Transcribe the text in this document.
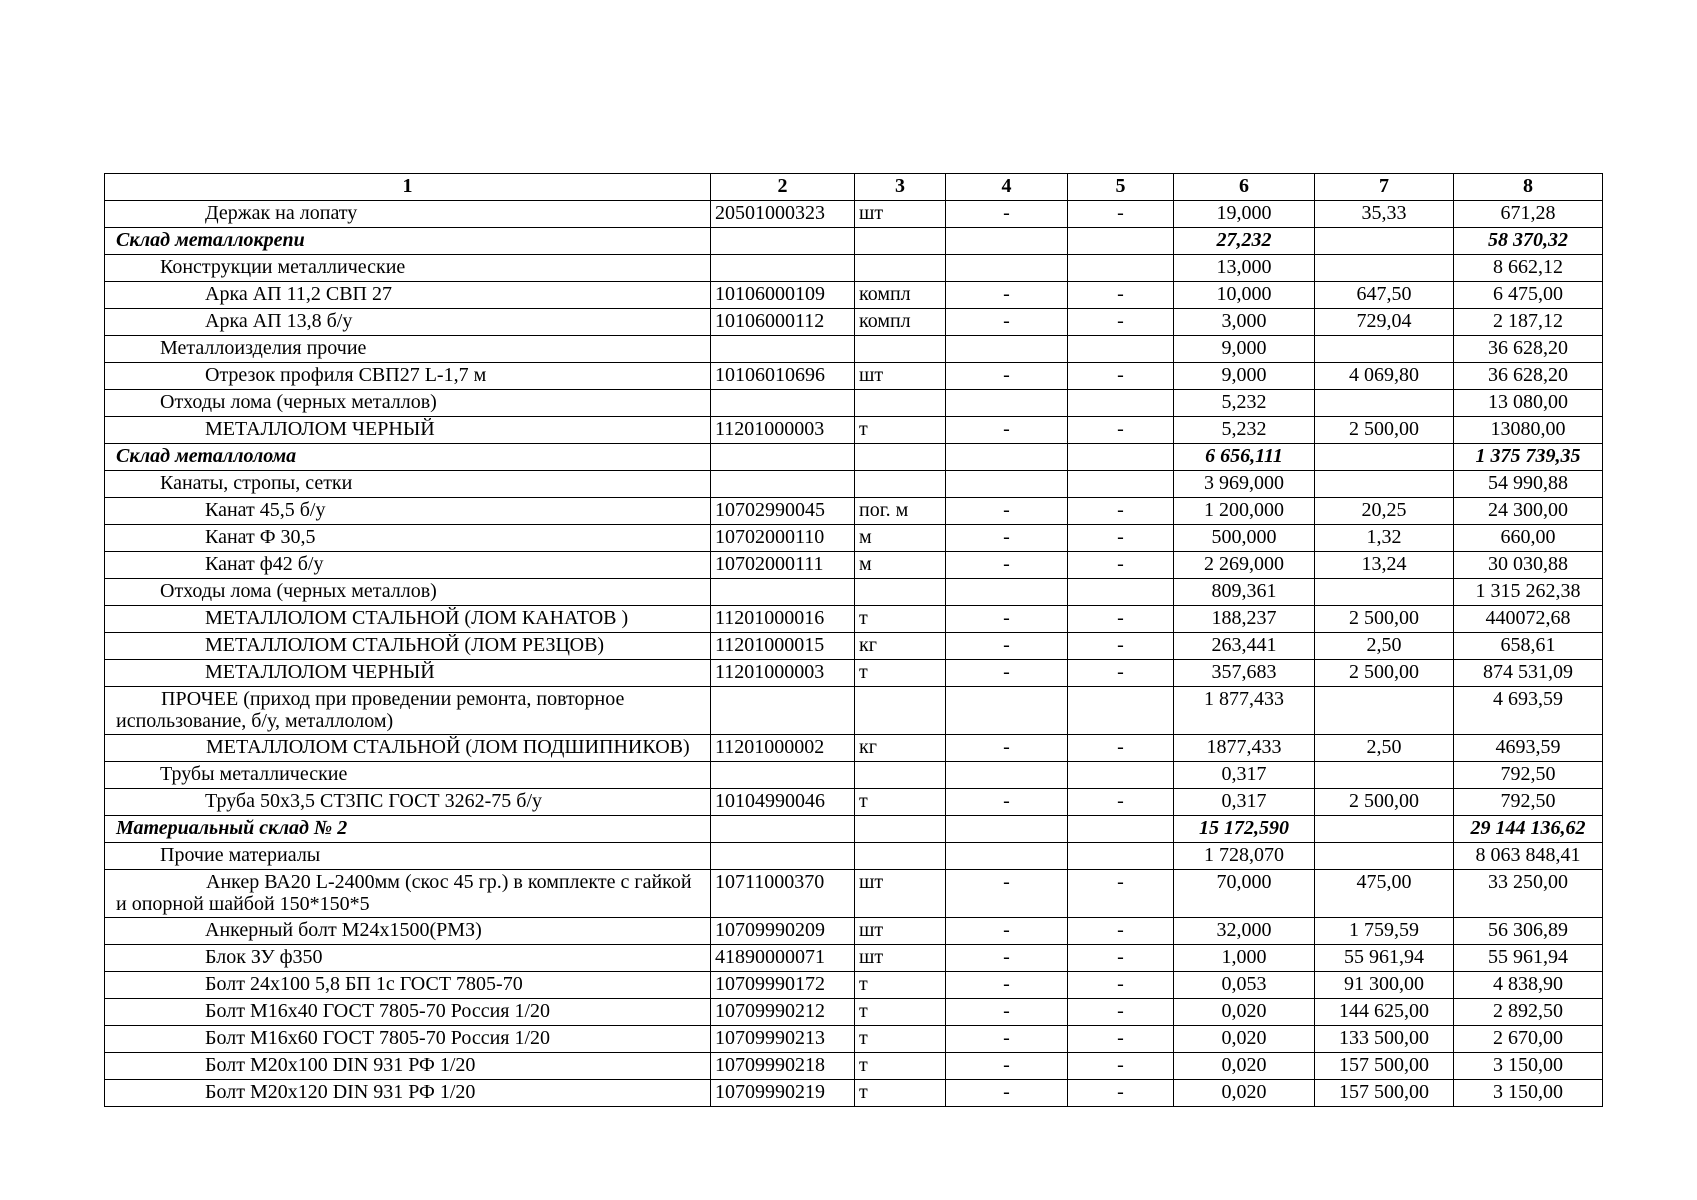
1	2	3	4	5	6	7	8
Держак на лопату	20501000323	шт	-	-	19,000	35,33	671,28
Склад металлокрепи					27,232		58 370,32
Конструкции металлические					13,000		8 662,12
Арка АП 11,2 СВП 27	10106000109	компл	-	-	10,000	647,50	6 475,00
Арка АП 13,8 б/у	10106000112	компл	-	-	3,000	729,04	2 187,12
Металлоизделия прочие					9,000		36 628,20
Отрезок профиля СВП27 L-1,7 м	10106010696	шт	-	-	9,000	4 069,80	36 628,20
Отходы лома (черных металлов)					5,232		13 080,00
МЕТАЛЛОЛОМ ЧЕРНЫЙ	11201000003	т	-	-	5,232	2 500,00	13080,00
Склад металлолома					6 656,111		1 375 739,35
Канаты, стропы, сетки					3 969,000		54 990,88
Канат 45,5 б/у	10702990045	пог. м	-	-	1 200,000	20,25	24 300,00
Канат Ф 30,5	10702000110	м	-	-	500,000	1,32	660,00
Канат ф42 б/у	10702000111	м	-	-	2 269,000	13,24	30 030,88
Отходы лома (черных металлов)					809,361		1 315 262,38
МЕТАЛЛОЛОМ СТАЛЬНОЙ (ЛОМ КАНАТОВ )	11201000016	т	-	-	188,237	2 500,00	440072,68
МЕТАЛЛОЛОМ СТАЛЬНОЙ (ЛОМ РЕЗЦОВ)	11201000015	кг	-	-	263,441	2,50	658,61
МЕТАЛЛОЛОМ ЧЕРНЫЙ	11201000003	т	-	-	357,683	2 500,00	874 531,09
ПРОЧЕЕ (приход при проведении ремонта, повторное использование, б/у, металлолом)					1 877,433		4 693,59
МЕТАЛЛОЛОМ СТАЛЬНОЙ (ЛОМ ПОДШИПНИКОВ)	11201000002	кг	-	-	1877,433	2,50	4693,59
Трубы металлические					0,317		792,50
Труба 50х3,5 СТ3ПС ГОСТ 3262-75 б/у	10104990046	т	-	-	0,317	2 500,00	792,50
Материальный склад № 2					15 172,590		29 144 136,62
Прочие материалы					1 728,070		8 063 848,41
Анкер ВА20 L-2400мм (скос 45 гр.) в комплекте с гайкой и опорной шайбой 150*150*5	10711000370	шт	-	-	70,000	475,00	33 250,00
Анкерный болт М24х1500(РМЗ)	10709990209	шт	-	-	32,000	1 759,59	56 306,89
Блок ЗУ ф350	41890000071	шт	-	-	1,000	55 961,94	55 961,94
Болт 24х100 5,8 БП 1с ГОСТ 7805-70	10709990172	т	-	-	0,053	91 300,00	4 838,90
Болт М16х40 ГОСТ 7805-70 Россия 1/20	10709990212	т	-	-	0,020	144 625,00	2 892,50
Болт М16х60 ГОСТ 7805-70 Россия 1/20	10709990213	т	-	-	0,020	133 500,00	2 670,00
Болт М20х100 DIN 931 РФ 1/20	10709990218	т	-	-	0,020	157 500,00	3 150,00
Болт М20х120 DIN 931 РФ 1/20	10709990219	т	-	-	0,020	157 500,00	3 150,00
